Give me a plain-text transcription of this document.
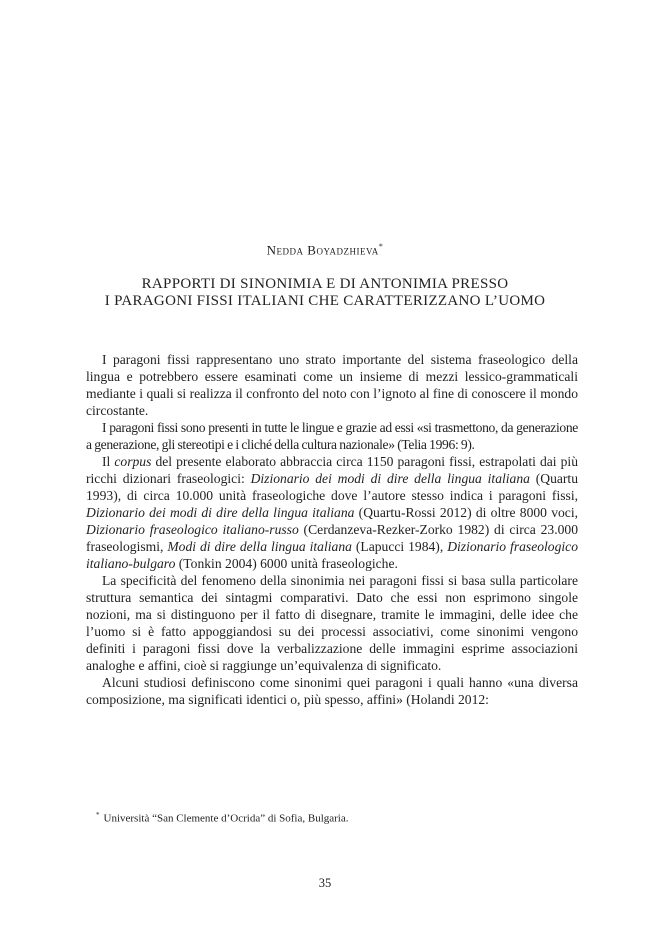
Nedda Boyadzhieva*
RAPPORTI DI SINONIMIA E DI ANTONIMIA PRESSO
I PARAGONI FISSI ITALIANI CHE CARATTERIZZANO L’UOMO

I paragoni fissi rappresentano uno strato importante del sistema fraseologico della lingua e potrebbero essere esaminati come un insieme di mezzi lessico-grammaticali mediante i quali si realizza il confronto del noto con l’ignoto al fine di conoscere il mondo circostante.

I paragoni fissi sono presenti in tutte le lingue e grazie ad essi «si trasmettono, da generazione a generazione, gli stereotipi e i cliché della cultura nazionale» (Telia 1996: 9).

Il corpus del presente elaborato abbraccia circa 1150 paragoni fissi, estrapolati dai più ricchi dizionari fraseologici: Dizionario dei modi di dire della lingua italiana (Quartu 1993), di circa 10.000 unità fraseologiche dove l’autore stesso indica i paragoni fissi, Dizionario dei modi di dire della lingua italiana (Quartu-Rossi 2012) di oltre 8000 voci, Dizionario fraseologico italiano-russo (Cerdanzeva-Rezker-Zorko 1982) di circa 23.000 fraseologismi, Modi di dire della lingua italiana (Lapucci 1984), Dizionario fraseologico italiano-bulgaro (Tonkin 2004) 6000 unità fraseologiche.

La specificità del fenomeno della sinonimia nei paragoni fissi si basa sulla particolare struttura semantica dei sintagmi comparativi. Dato che essi non esprimono singole nozioni, ma si distinguono per il fatto di disegnare, tramite le immagini, delle idee che l’uomo si è fatto appoggiandosi su dei processi associativi, come sinonimi vengono definiti i paragoni fissi dove la verbalizzazione delle immagini esprime associazioni analoghe e affini, cioè si raggiunge un’equivalenza di significato.

Alcuni studiosi definiscono come sinonimi quei paragoni i quali hanno «una diversa composizione, ma significati identici o, più spesso, affini» (Holandi 2012:

* Università “San Clemente d’Ocrida” di Sofia, Bulgaria.
35
